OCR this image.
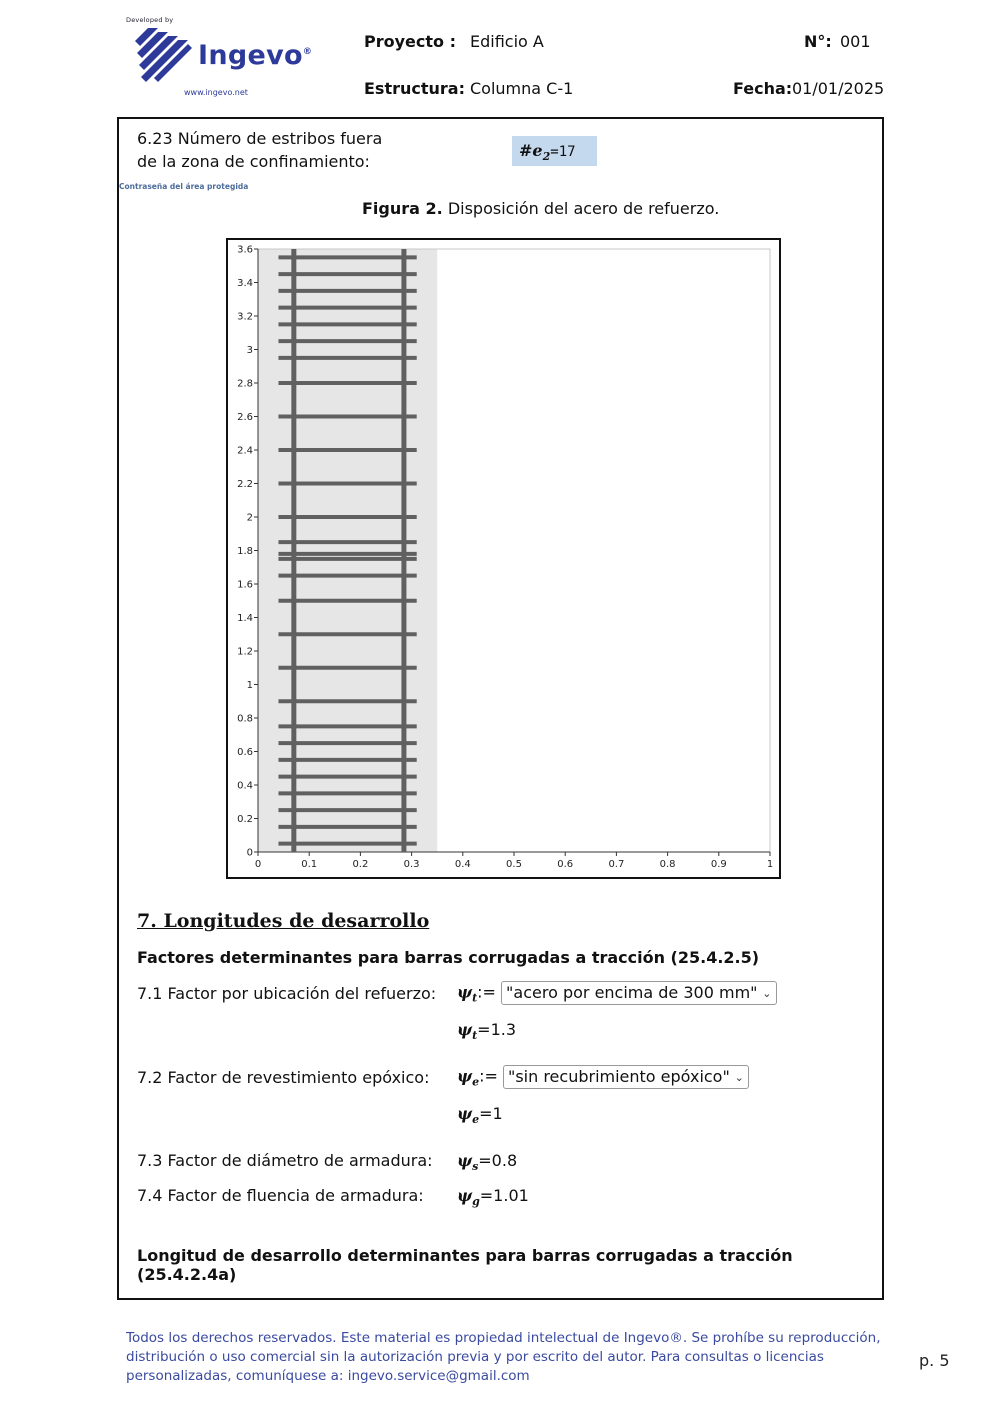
Developed by
Ingevo®
www.ingevo.net
Proyecto : Edificio A	N°: 001
Estructura: Columna C-1	Fecha: 01/01/2025
6.23 Número de estribos fuera
de la zona de confinamiento:
$\#e_2=17$
Contraseña del área protegida
Figura 2. Disposición del acero de refuerzo.
0
0.2
0.4
0.6
0.8
1
1.2
1.4
1.6
1.8
2
2.2
2.4
2.6
2.8
3
3.2
3.4
3.6
0	0.1	0.2	0.3	0.4	0.5	0.6	0.7	0.8	0.9	1
7. Longitudes de desarrollo
Factores determinantes para barras corrugadas a tracción (25.4.2.5)
7.1 Factor por ubicación del refuerzo: $\psi_t:=$ "acero por encima de 300 mm" ⌄
$\psi_t=1.3$
7.2 Factor de revestimiento epóxico: $\psi_e:=$ "sin recubrimiento epóxico" ⌄
$\psi_e=1$
7.3 Factor de diámetro de armadura: $\psi_s=0.8$
7.4 Factor de fluencia de armadura: $\psi_g=1.01$
Longitud de desarrollo determinantes para barras corrugadas a tracción (25.4.2.4a)
Todos los derechos reservados. Este material es propiedad intelectual de Ingevo®. Se prohíbe su reproducción, distribución o uso comercial sin la autorización previa y por escrito del autor. Para consultas o licencias personalizadas, comuníquese a: ingevo.service@gmail.com
p. 5
